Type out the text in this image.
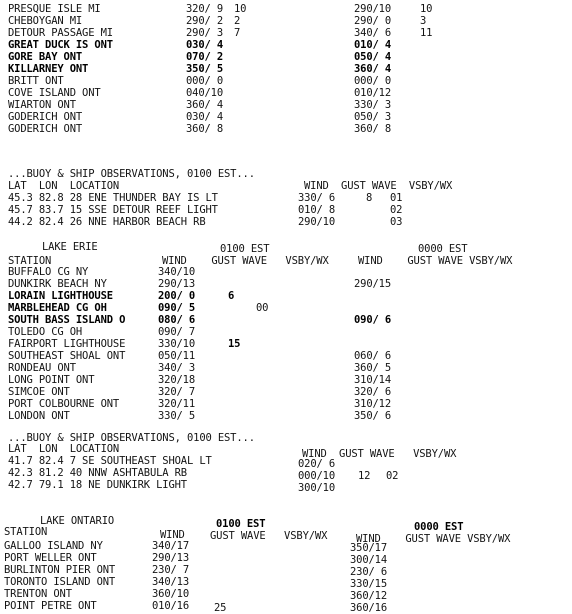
PRESQUE ISLE MI	320/ 9 10	290/10	10
CHEBOYGAN MI	290/ 2 2	290/ 0	3
DETOUR PASSAGE MI	290/ 3 7	340/ 6	11
GREAT DUCK IS ONT	030/ 4	010/ 4
GORE BAY ONT	070/ 2	050/ 4
KILLARNEY ONT	350/ 5	360/ 4
BRITT ONT	000/ 0	000/ 0
COVE ISLAND ONT	040/10	010/12
WIARTON ONT	360/ 4	330/ 3
GODERICH ONT	030/ 4	050/ 3
GODERICH ONT	360/ 8	360/ 8
...BUOY & SHIP OBSERVATIONS, 0100 EST...
LAT  LON  LOCATION	WIND  GUST WAVE  VSBY/WX
45.3 82.8 28 ENE THUNDER BAY IS LT	330/ 6	8 01
45.7 83.7 15 SSE DETOUR REEF LIGHT	010/ 8	02
44.2 82.4 26 NNE HARBOR BEACH RB	290/10	03
LAKE ERIE	0100 EST	0000 EST
STATION	WIND    GUST WAVE   VSBY/WX	WIND    GUST WAVE VSBY/WX
BUFFALO CG NY	340/10
DUNKIRK BEACH NY	290/13	290/15
LORAIN LIGHTHOUSE	200/ 0	6
MARBLEHEAD CG OH	090/ 5	00
SOUTH BASS ISLAND O	080/ 6	090/ 6
TOLEDO CG OH	090/ 7
FAIRPORT LIGHTHOUSE	330/10	15
SOUTHEAST SHOAL ONT	050/11	060/ 6
RONDEAU ONT	340/ 3	360/ 5
LONG POINT ONT	320/18	310/14
SIMCOE ONT	320/ 7	320/ 6
PORT COLBOURNE ONT	320/11	310/12
LONDON ONT	330/ 5	350/ 6
...BUOY & SHIP OBSERVATIONS, 0100 EST...
LAT  LON  LOCATION	WIND  GUST WAVE   VSBY/WX
41.7 82.4 7 SE SOUTHEAST SHOAL LT	020/ 6
42.3 81.2 40 NNW ASHTABULA RB	000/10 12 02
42.7 79.1 18 NE DUNKIRK LIGHT	300/10
LAKE ONTARIO	0100 EST	0000 EST
WIND GUST WAVE   VSBY/WX	WIND    GUST WAVE VSBY/WX
STATION
GALLOO ISLAND NY	340/17	350/17
PORT WELLER ONT	290/13	300/14
BURLINTON PIER ONT	230/ 7	230/ 6
TORONTO ISLAND ONT	340/13	330/15
TRENTON ONT	360/10	360/12
POINT PETRE ONT	010/16 25	360/16
